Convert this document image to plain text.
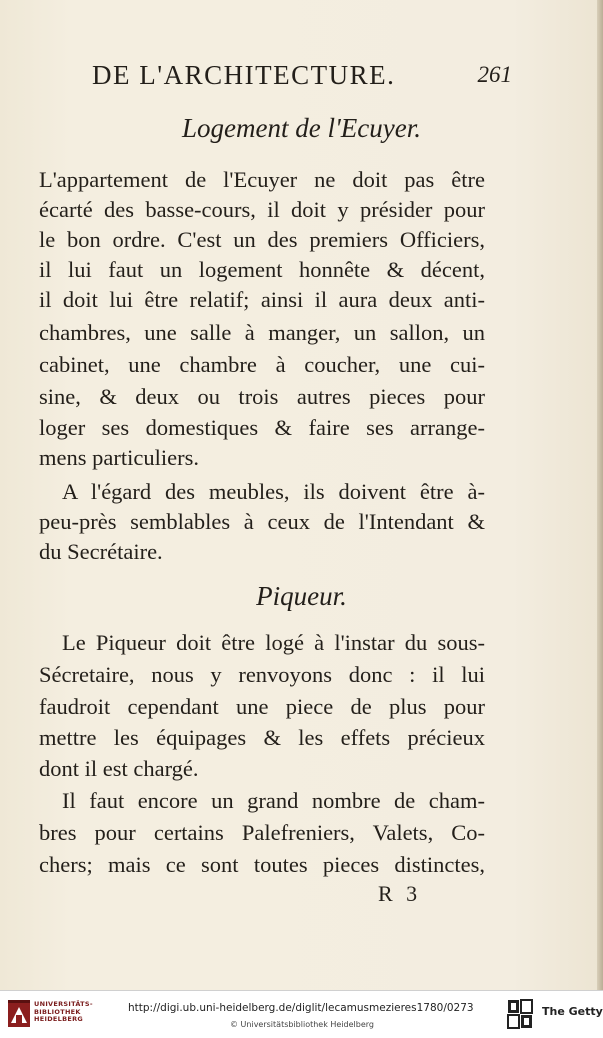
DE L'ARCHITECTURE.	261
Logement de l'Ecuyer.
L'appartement de l'Ecuyer ne doit pas être
écarté des basse-cours, il doit y présider pour
le bon ordre. C'est un des premiers Officiers,
il lui faut un logement honnête & décent,
il doit lui être relatif; ainsi il aura deux anti-
chambres, une salle à manger, un sallon, un
cabinet, une chambre à coucher, une cui-
sine, & deux ou trois autres pieces pour
loger ses domestiques & faire ses arrange-
mens particuliers.
A l'égard des meubles, ils doivent être à-
peu-près semblables à ceux de l'Intendant &
du Secrétaire.
Piqueur.
Le Piqueur doit être logé à l'instar du sous-
Sécretaire, nous y renvoyons donc : il lui
faudroit cependant une piece de plus pour
mettre les équipages & les effets précieux
dont il est chargé.
Il faut encore un grand nombre de cham-
bres pour certains Palefreniers, Valets, Co-
chers; mais ce sont toutes pieces distinctes,
R 3
UNIVERSITÄTS-
BIBLIOTHEK
HEIDELBERG
http://digi.ub.uni-heidelberg.de/diglit/lecamusmezieres1780/0273
© Universitätsbibliothek Heidelberg
The Getty
